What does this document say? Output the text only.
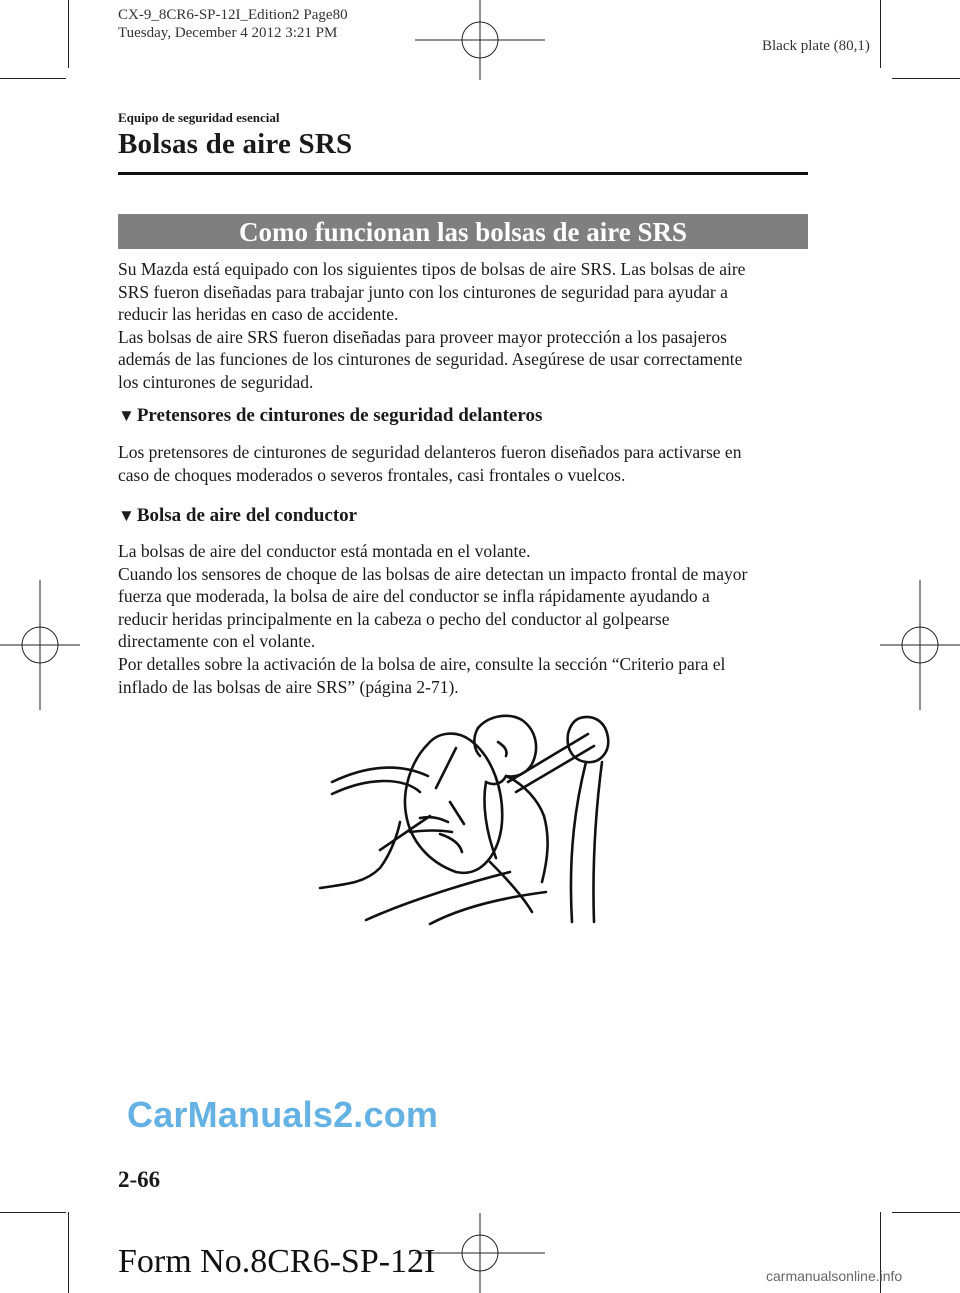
CX-9_8CR6-SP-12I_Edition2 Page80
Tuesday, December 4 2012 3:21 PM
Black plate (80,1)
Equipo de seguridad esencial
Bolsas de aire SRS
Como funcionan las bolsas de aire SRS
Su Mazda está equipado con los siguientes tipos de bolsas de aire SRS. Las bolsas de aire
SRS fueron diseñadas para trabajar junto con los cinturones de seguridad para ayudar a
reducir las heridas en caso de accidente.
Las bolsas de aire SRS fueron diseñadas para proveer mayor protección a los pasajeros
además de las funciones de los cinturones de seguridad. Asegúrese de usar correctamente
los cinturones de seguridad.
▼ Pretensores de cinturones de seguridad delanteros
Los pretensores de cinturones de seguridad delanteros fueron diseñados para activarse en
caso de choques moderados o severos frontales, casi frontales o vuelcos.
▼ Bolsa de aire del conductor
La bolsas de aire del conductor está montada en el volante.
Cuando los sensores de choque de las bolsas de aire detectan un impacto frontal de mayor
fuerza que moderada, la bolsa de aire del conductor se infla rápidamente ayudando a
reducir heridas principalmente en la cabeza o pecho del conductor al golpearse
directamente con el volante.
Por detalles sobre la activación de la bolsa de aire, consulte la sección “Criterio para el
inflado de las bolsas de aire SRS” (página 2-71).
CarManuals2.com
2-66
Form No.8CR6-SP-12I	carmanualsonline.info
